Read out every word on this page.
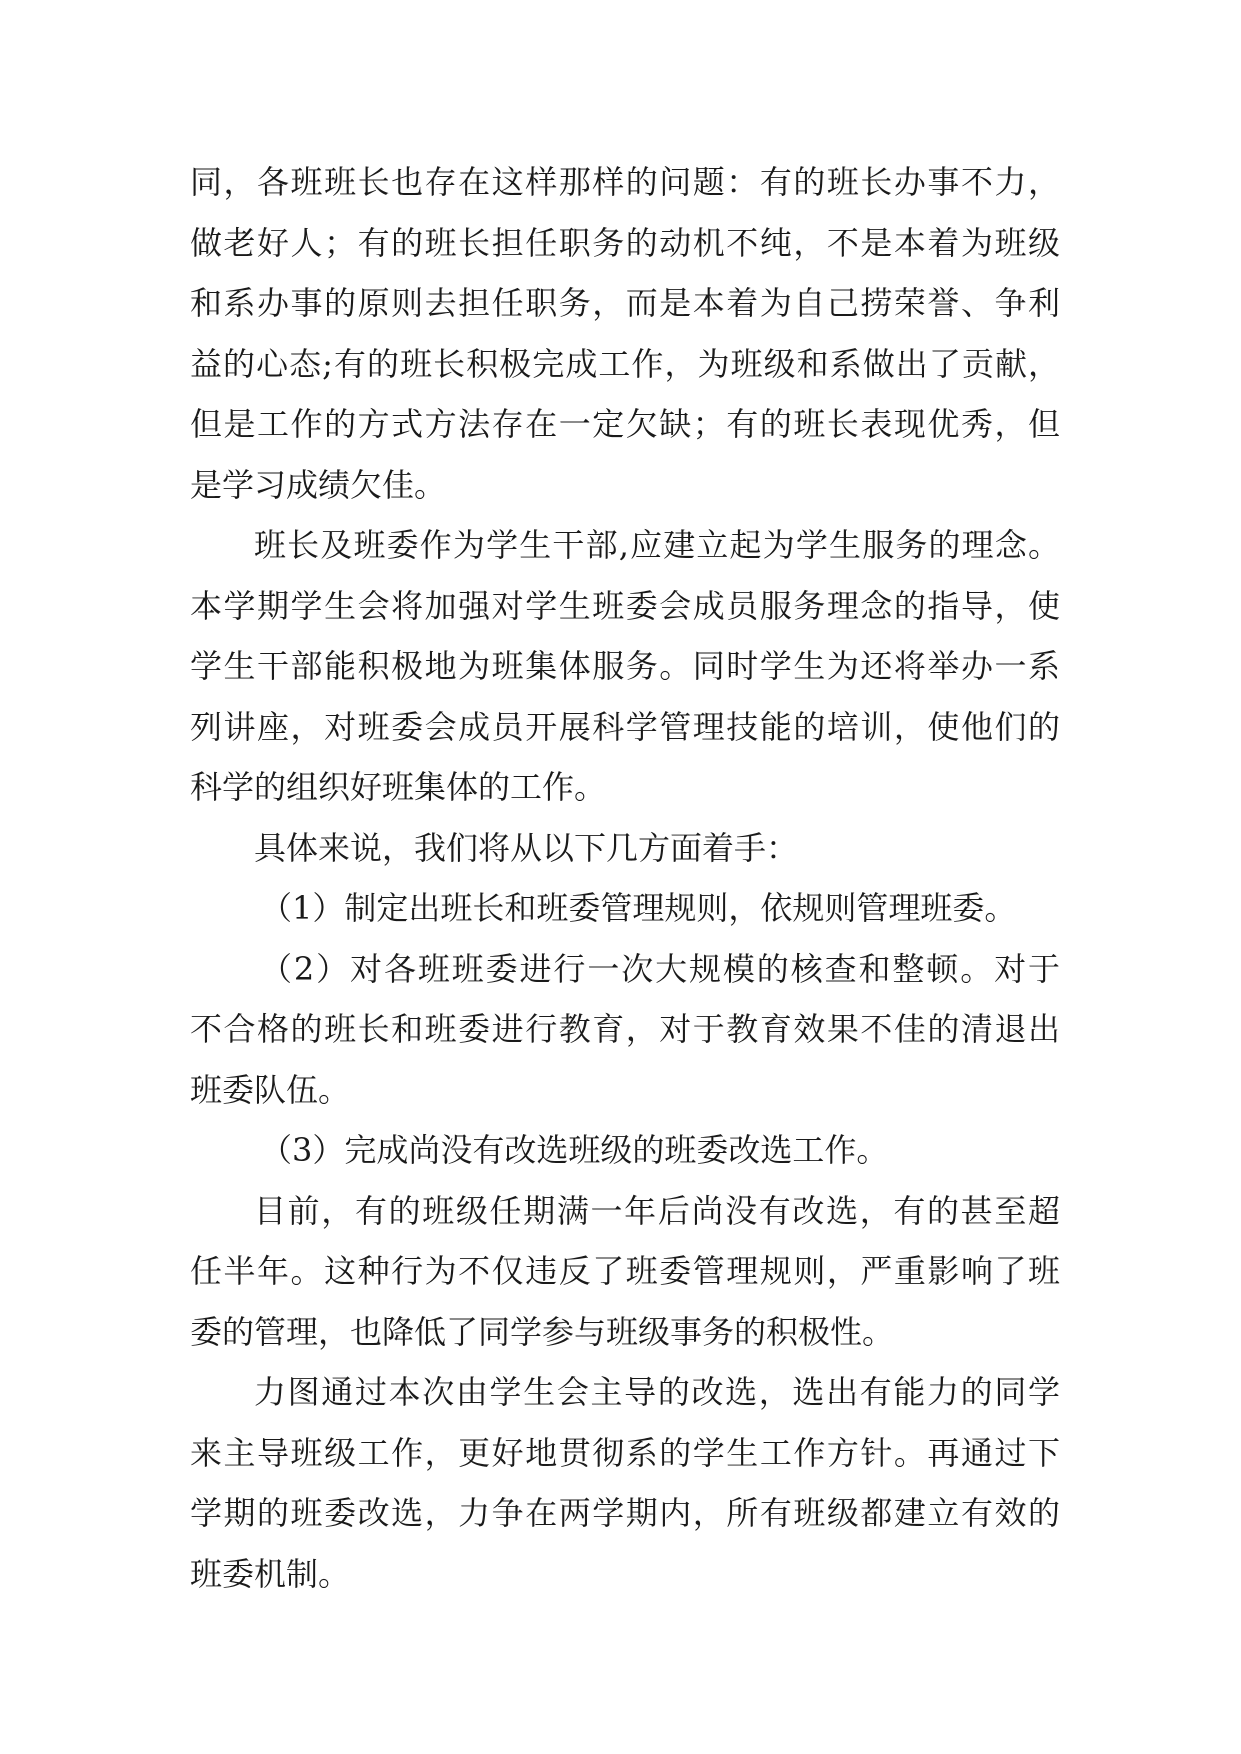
同，各班班长也存在这样那样的问题：有的班长办事不力，
做老好人；有的班长担任职务的动机不纯，不是本着为班级
和系办事的原则去担任职务，而是本着为自己捞荣誉、争利
益的心态;有的班长积极完成工作，为班级和系做出了贡献，
但是工作的方式方法存在一定欠缺；有的班长表现优秀，但
是学习成绩欠佳。
班长及班委作为学生干部,应建立起为学生服务的理念。
本学期学生会将加强对学生班委会成员服务理念的指导，使
学生干部能积极地为班集体服务。同时学生为还将举办一系
列讲座，对班委会成员开展科学管理技能的培训，使他们的
科学的组织好班集体的工作。
具体来说，我们将从以下几方面着手：
（1）制定出班长和班委管理规则，依规则管理班委。
（2）对各班班委进行一次大规模的核查和整顿。对于
不合格的班长和班委进行教育，对于教育效果不佳的清退出
班委队伍。
（3）完成尚没有改选班级的班委改选工作。
目前，有的班级任期满一年后尚没有改选，有的甚至超
任半年。这种行为不仅违反了班委管理规则，严重影响了班
委的管理，也降低了同学参与班级事务的积极性。
力图通过本次由学生会主导的改选，选出有能力的同学
来主导班级工作，更好地贯彻系的学生工作方针。再通过下
学期的班委改选，力争在两学期内，所有班级都建立有效的
班委机制。
